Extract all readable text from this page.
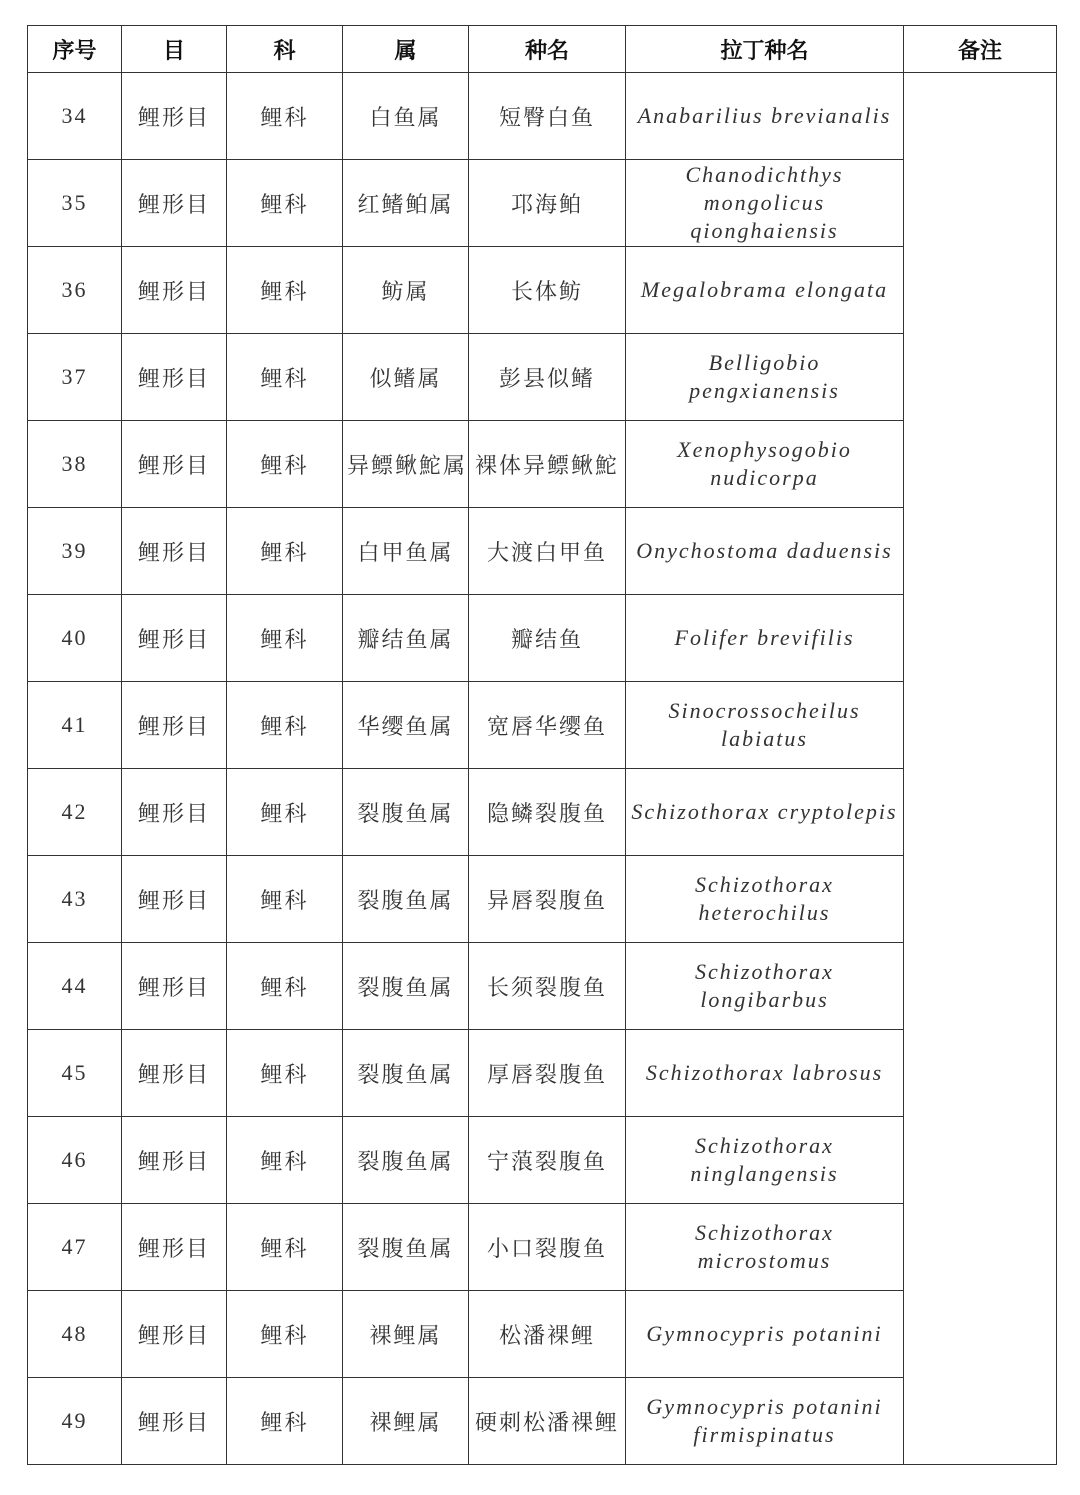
序号	目	科	属	种名	拉丁种名	备注
34	鲤形目	鲤科	白鱼属	短臀白鱼	Anabarilius brevianalis	
35	鲤形目	鲤科	红鳍鲌属	邛海鲌	Chanodichthys mongolicus qionghaiensis	
36	鲤形目	鲤科	鲂属	长体鲂	Megalobrama elongata	
37	鲤形目	鲤科	似鳍属	彭县似鳍	Belligobio pengxianensis	
38	鲤形目	鲤科	异鳔鳅鮀属	裸体异鳔鳅鮀	Xenophysogobio nudicorpa	
39	鲤形目	鲤科	白甲鱼属	大渡白甲鱼	Onychostoma daduensis	
40	鲤形目	鲤科	瓣结鱼属	瓣结鱼	Folifer brevifilis	
41	鲤形目	鲤科	华缨鱼属	宽唇华缨鱼	Sinocrossocheilus labiatus	
42	鲤形目	鲤科	裂腹鱼属	隐鳞裂腹鱼	Schizothorax cryptolepis	
43	鲤形目	鲤科	裂腹鱼属	异唇裂腹鱼	Schizothorax heterochilus	
44	鲤形目	鲤科	裂腹鱼属	长须裂腹鱼	Schizothorax longibarbus	
45	鲤形目	鲤科	裂腹鱼属	厚唇裂腹鱼	Schizothorax labrosus	
46	鲤形目	鲤科	裂腹鱼属	宁蒗裂腹鱼	Schizothorax ninglangensis	
47	鲤形目	鲤科	裂腹鱼属	小口裂腹鱼	Schizothorax microstomus	
48	鲤形目	鲤科	裸鲤属	松潘裸鲤	Gymnocypris potanini	
49	鲤形目	鲤科	裸鲤属	硬刺松潘裸鲤	Gymnocypris potanini firmispinatus	
